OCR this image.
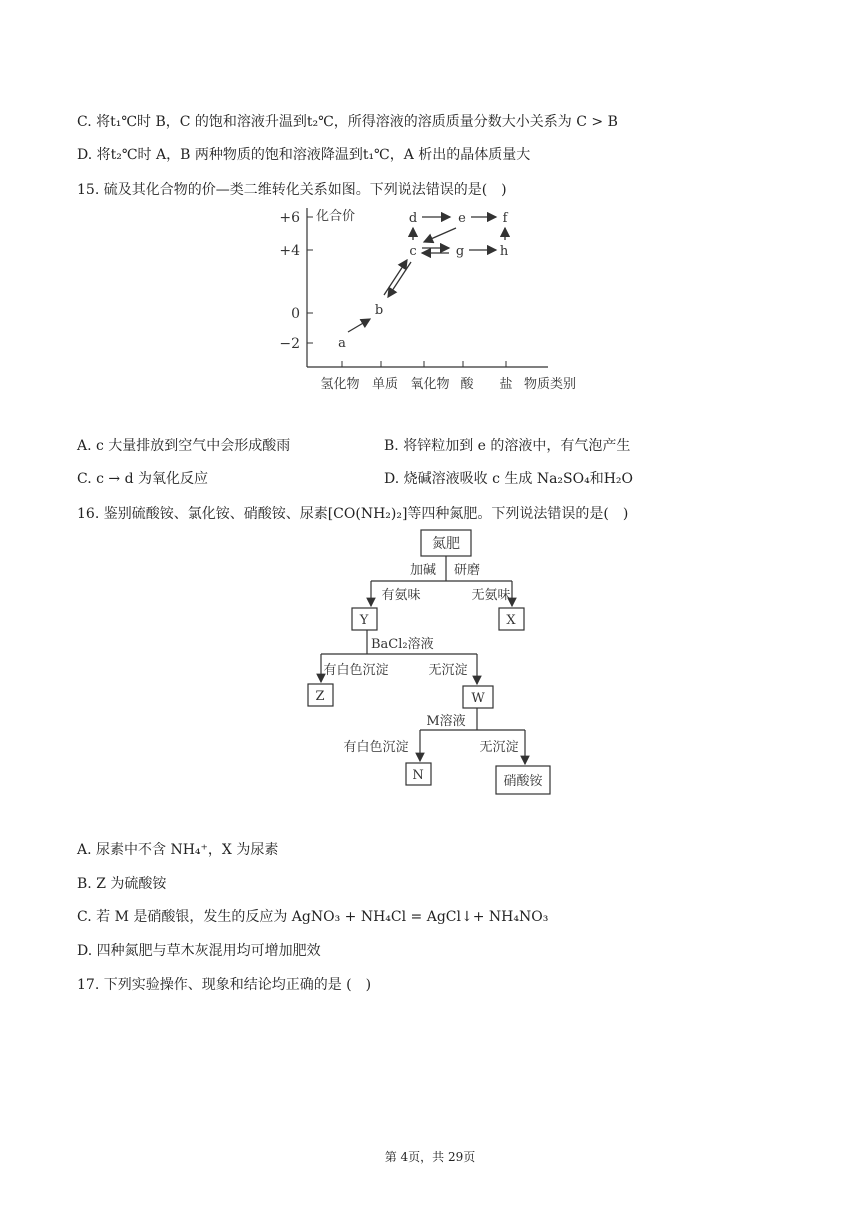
C. 将t₁℃时 B，C 的饱和溶液升温到t₂℃，所得溶液的溶质质量分数大小关系为 C > B
D. 将t₂℃时 A，B 两种物质的饱和溶液降温到t₁℃，A 析出的晶体质量大
15. 硫及其化合物的价—类二维转化关系如图。下列说法错误的是(　)
+6
+4
0
−2
化合价
氢化物 单质 氧化物 酸 盐 物质类别
a
b
c
d	e	f
g	h
A. c 大量排放到空气中会形成酸雨	B. 将锌粒加到 e 的溶液中，有气泡产生
C. c → d 为氧化反应	D. 烧碱溶液吸收 c 生成 Na₂SO₄和H₂O
16. 鉴别硫酸铵、氯化铵、硝酸铵、尿素[CO(NH₂)₂]等四种氮肥。下列说法错误的是(　)
氮肥
加碱 研磨
有氨味	无氨味
Y	X
BaCl₂溶液
有白色沉淀	无沉淀
Z	W
M溶液
有白色沉淀	无沉淀
N	硝酸铵
A. 尿素中不含 NH₄⁺，X 为尿素
B. Z 为硫酸铵
C. 若 M 是硝酸银，发生的反应为 AgNO₃ + NH₄Cl = AgCl↓+ NH₄NO₃
D. 四种氮肥与草木灰混用均可增加肥效
17. 下列实验操作、现象和结论均正确的是 (　)
第 4页，共 29页
